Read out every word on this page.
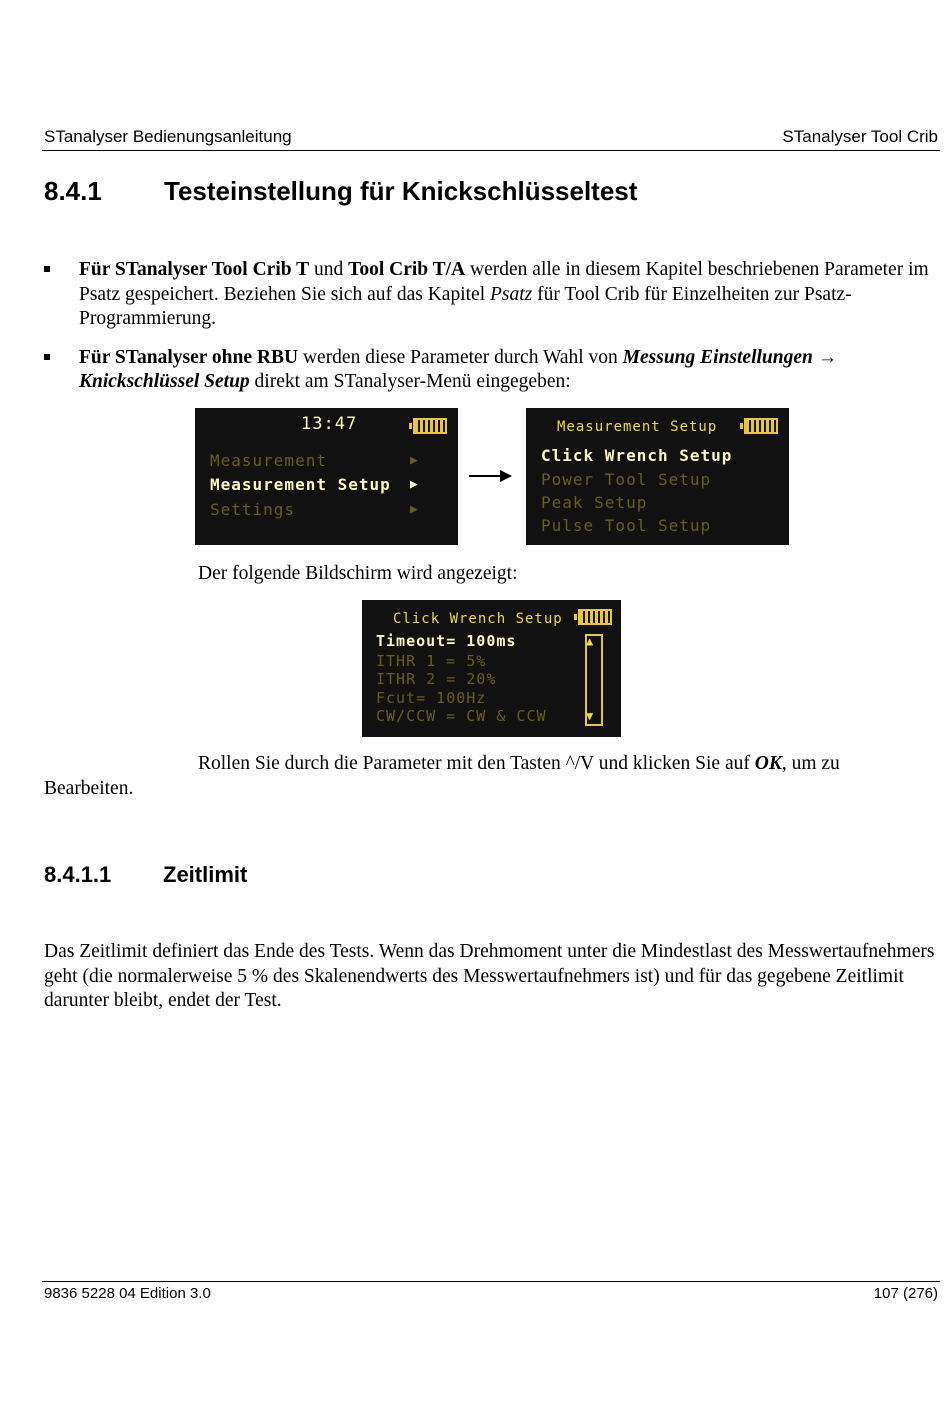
STanalyser Bedienungsanleitung	STanalyser Tool Crib
8.4.1 Testeinstellung für Knickschlüsseltest
Für STanalyser Tool Crib T und Tool Crib T/A werden alle in diesem Kapitel beschriebenen Parameter im Psatz gespeichert. Beziehen Sie sich auf das Kapitel Psatz für Tool Crib für Einzelheiten zur Psatz-Programmierung.
Für STanalyser ohne RBU werden diese Parameter durch Wahl von Messung Einstellungen → Knickschlüssel Setup direkt am STanalyser-Menü eingegeben:
13:47
Measurement	▶
Measurement Setup ▶
Settings	▶
Measurement Setup
Click Wrench Setup
Power Tool Setup
Peak Setup
Pulse Tool Setup
Der folgende Bildschirm wird angezeigt:
Click Wrench Setup
Timeout= 100ms
ITHR 1 = 5%
ITHR 2 = 20%
Fcut= 100Hz
CW/CCW = CW & CCW
▲
▼
Rollen Sie durch die Parameter mit den Tasten ^/V und klicken Sie auf OK, um zu
Bearbeiten.
8.4.1.1 Zeitlimit
Das Zeitlimit definiert das Ende des Tests. Wenn das Drehmoment unter die Mindestlast des Messwertaufnehmers geht (die normalerweise 5 % des Skalenendwerts des Messwertaufnehmers ist) und für das gegebene Zeitlimit darunter bleibt, endet der Test.
9836 5228 04 Edition 3.0	107 (276)
